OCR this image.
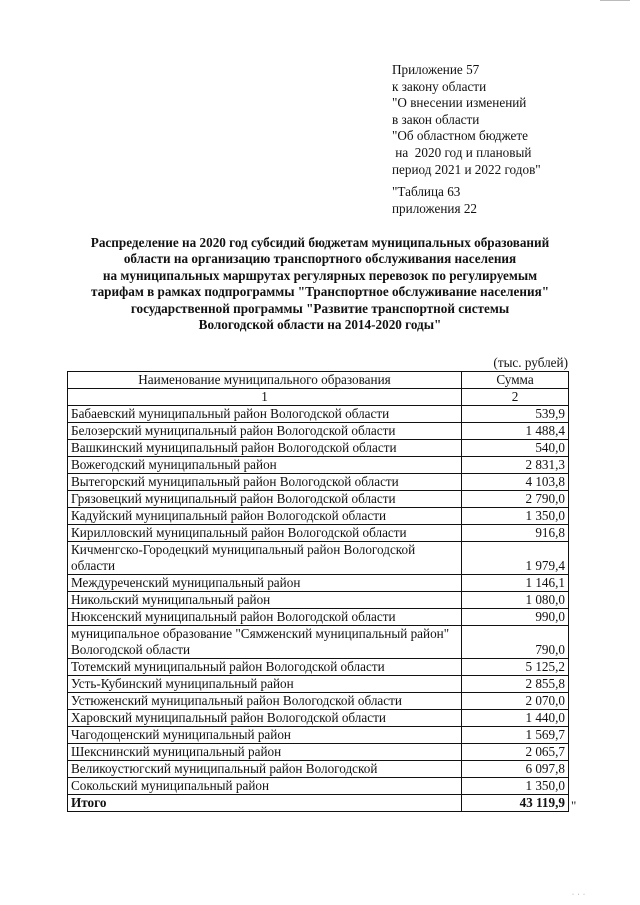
Приложение 57
к закону области
"О внесении изменений
в закон области
"Об областном бюджете
на  2020 год и плановый
период 2021 и 2022 годов"
"Таблица 63
приложения 22
Распределение на 2020 год субсидий бюджетам муниципальных образований
области на организацию транспортного обслуживания населения
на муниципальных маршрутах регулярных перевозок по регулируемым
тарифам в рамках подпрограммы "Транспортное обслуживание населения"
государственной программы "Развитие транспортной системы
Вологодской области на 2014-2020 годы"
(тыс. рублей)
Наименование муниципального образования	Сумма
1	2
Бабаевский муниципальный район Вологодской области	539,9
Белозерский муниципальный район Вологодской области	1 488,4
Вашкинский муниципальный район Вологодской области	540,0
Вожегодский муниципальный район	2 831,3
Вытегорский муниципальный район Вологодской области	4 103,8
Грязовецкий муниципальный район Вологодской области	2 790,0
Кадуйский муниципальный район Вологодской области	1 350,0
Кирилловский муниципальный район Вологодской области	916,8
Кичменгско-Городецкий муниципальный район Вологодской области	1 979,4
Междуреченский муниципальный район	1 146,1
Никольский муниципальный район	1 080,0
Нюксенский муниципальный район Вологодской области	990,0
муниципальное образование "Сямженский муниципальный район" Вологодской области	790,0
Тотемский муниципальный район Вологодской области	5 125,2
Усть-Кубинский муниципальный район	2 855,8
Устюженский муниципальный район Вологодской области	2 070,0
Харовский муниципальный район Вологодской области	1 440,0
Чагодощенский муниципальный район	1 569,7
Шекснинский муниципальный район	2 065,7
Великоустюгский муниципальный район Вологодской	6 097,8
Сокольский муниципальный район	1 350,0
Итого	43 119,9 "
· · ·
